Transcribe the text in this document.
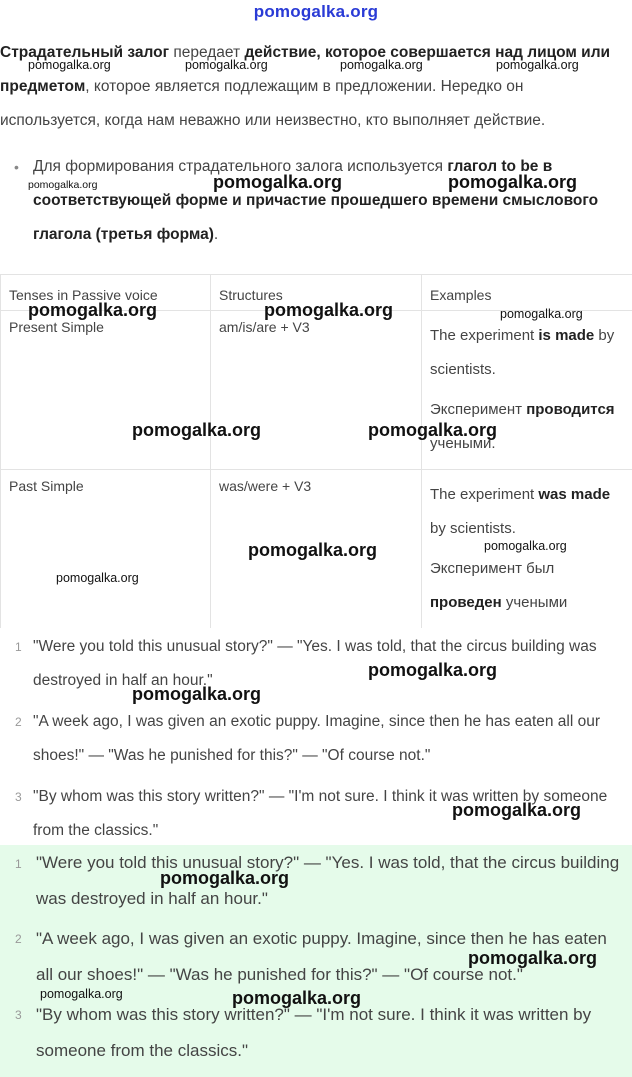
pomogalka.org
Страдательный залог передает действие, которое совершается над лицом или предметом, которое является подлежащим в предложении. Нередко он используется, когда нам неважно или неизвестно, кто выполняет действие.
• Для формирования страдательного залога используется глагол to be в соответствующей форме и причастие прошедшего времени смыслового глагола (третья форма).
Tenses in Passive voice	Structures	Examples
Present Simple	am/is/are + V3	The experiment is made by scientists.
Эксперимент проводится учеными.

Past Simple	was/were + V3	The experiment was made by scientists.
Эксперимент был проведен учеными
1 "Were you told this unusual story?" — "Yes. I was told, that the circus building was destroyed in half an hour."
2 "A week ago, I was given an exotic puppy. Imagine, since then he has eaten all our shoes!" — "Was he punished for this?" — "Of course not."
3 "By whom was this story written?" — "I'm not sure. I think it was written by someone from the classics."
1 "Were you told this unusual story?" — "Yes. I was told, that the circus building was destroyed in half an hour."
2 "A week ago, I was given an exotic puppy. Imagine, since then he has eaten all our shoes!" — "Was he punished for this?" — "Of course not."
3 "By whom was this story written?" — "I'm not sure. I think it was written by someone from the classics."
pomogalka.org	pomogalka.org	pomogalka.org	pomogalka.org
pomogalka.org	pomogalka.org	pomogalka.org
pomogalka.org	pomogalka.org	pomogalka.org
pomogalka.org	pomogalka.org
pomogalka.org	pomogalka.org
pomogalka.org
pomogalka.org
pomogalka.org
pomogalka.org
pomogalka.org
pomogalka.org
pomogalka.org	pomogalka.org
